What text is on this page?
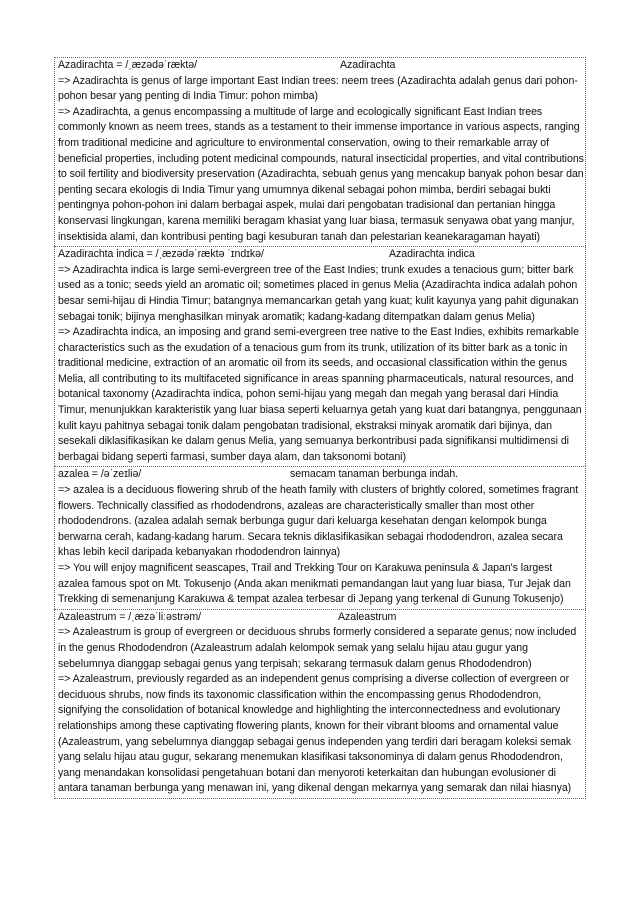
Azadirachta = /ˌæzədəˈræktə/	Azadirachta

=> Azadirachta is genus of large important East Indian trees: neem trees (Azadirachta adalah genus dari pohon-pohon besar yang penting di India Timur: pohon mimba)

=> Azadirachta, a genus encompassing a multitude of large and ecologically significant East Indian trees commonly known as neem trees, stands as a testament to their immense importance in various aspects, ranging from traditional medicine and agriculture to environmental conservation, owing to their remarkable array of beneficial properties, including potent medicinal compounds, natural insecticidal properties, and vital contributions to soil fertility and biodiversity preservation (Azadirachta, sebuah genus yang mencakup banyak pohon besar dan penting secara ekologis di India Timur yang umumnya dikenal sebagai pohon mimba, berdiri sebagai bukti pentingnya pohon-pohon ini dalam berbagai aspek, mulai dari pengobatan tradisional dan pertanian hingga konservasi lingkungan, karena memiliki beragam khasiat yang luar biasa, termasuk senyawa obat yang manjur, insektisida alami, dan kontribusi penting bagi kesuburan tanah dan pelestarian keanekaragaman hayati)

Azadirachta indica = /ˌæzədəˈræktə ˈɪndɪkə/	Azadirachta indica

=> Azadirachta indica is large semi-evergreen tree of the East Indies; trunk exudes a tenacious gum; bitter bark used as a tonic; seeds yield an aromatic oil; sometimes placed in genus Melia (Azadirachta indica adalah pohon besar semi-hijau di Hindia Timur; batangnya memancarkan getah yang kuat; kulit kayunya yang pahit digunakan sebagai tonik; bijinya menghasilkan minyak aromatik; kadang-kadang ditempatkan dalam genus Melia)

=> Azadirachta indica, an imposing and grand semi-evergreen tree native to the East Indies, exhibits remarkable characteristics such as the exudation of a tenacious gum from its trunk, utilization of its bitter bark as a tonic in traditional medicine, extraction of an aromatic oil from its seeds, and occasional classification within the genus Melia, all contributing to its multifaceted significance in areas spanning pharmaceuticals, natural resources, and botanical taxonomy (Azadirachta indica, pohon semi-hijau yang megah dan megah yang berasal dari Hindia Timur, menunjukkan karakteristik yang luar biasa seperti keluarnya getah yang kuat dari batangnya, penggunaan kulit kayu pahitnya sebagai tonik dalam pengobatan tradisional, ekstraksi minyak aromatik dari bijinya, dan sesekali diklasifikasikan ke dalam genus Melia, yang semuanya berkontribusi pada signifikansi multidimensi di berbagai bidang seperti farmasi, sumber daya alam, dan taksonomi botani)

azalea = /əˈzeɪliə/	semacam tanaman berbunga indah.

=> azalea is a deciduous flowering shrub of the heath family with clusters of brightly colored, sometimes fragrant flowers. Technically classified as rhododendrons, azaleas are characteristically smaller than most other rhododendrons. (azalea adalah semak berbunga gugur dari keluarga kesehatan dengan kelompok bunga berwarna cerah, kadang-kadang harum. Secara teknis diklasifikasikan sebagai rhododendron, azalea secara khas lebih kecil daripada kebanyakan rhododendron lainnya)

=> You will enjoy magnificent seascapes, Trail and Trekking Tour on Karakuwa peninsula & Japan's largest azalea famous spot on Mt. Tokusenjo (Anda akan menikmati pemandangan laut yang luar biasa, Tur Jejak dan Trekking di semenanjung Karakuwa & tempat azalea terbesar di Jepang yang terkenal di Gunung Tokusenjo)

Azaleastrum = /ˌæzəˈliːəstrəm/	Azaleastrum

=> Azaleastrum is group of evergreen or deciduous shrubs formerly considered a separate genus; now included in the genus Rhododendron (Azaleastrum adalah kelompok semak yang selalu hijau atau gugur yang sebelumnya dianggap sebagai genus yang terpisah; sekarang termasuk dalam genus Rhododendron)

=> Azaleastrum, previously regarded as an independent genus comprising a diverse collection of evergreen or deciduous shrubs, now finds its taxonomic classification within the encompassing genus Rhododendron, signifying the consolidation of botanical knowledge and highlighting the interconnectedness and evolutionary relationships among these captivating flowering plants, known for their vibrant blooms and ornamental value (Azaleastrum, yang sebelumnya dianggap sebagai genus independen yang terdiri dari beragam koleksi semak yang selalu hijau atau gugur, sekarang menemukan klasifikasi taksonominya di dalam genus Rhododendron, yang menandakan konsolidasi pengetahuan botani dan menyoroti keterkaitan dan hubungan evolusioner di antara tanaman berbunga yang menawan ini, yang dikenal dengan mekarnya yang semarak dan nilai hiasnya)
